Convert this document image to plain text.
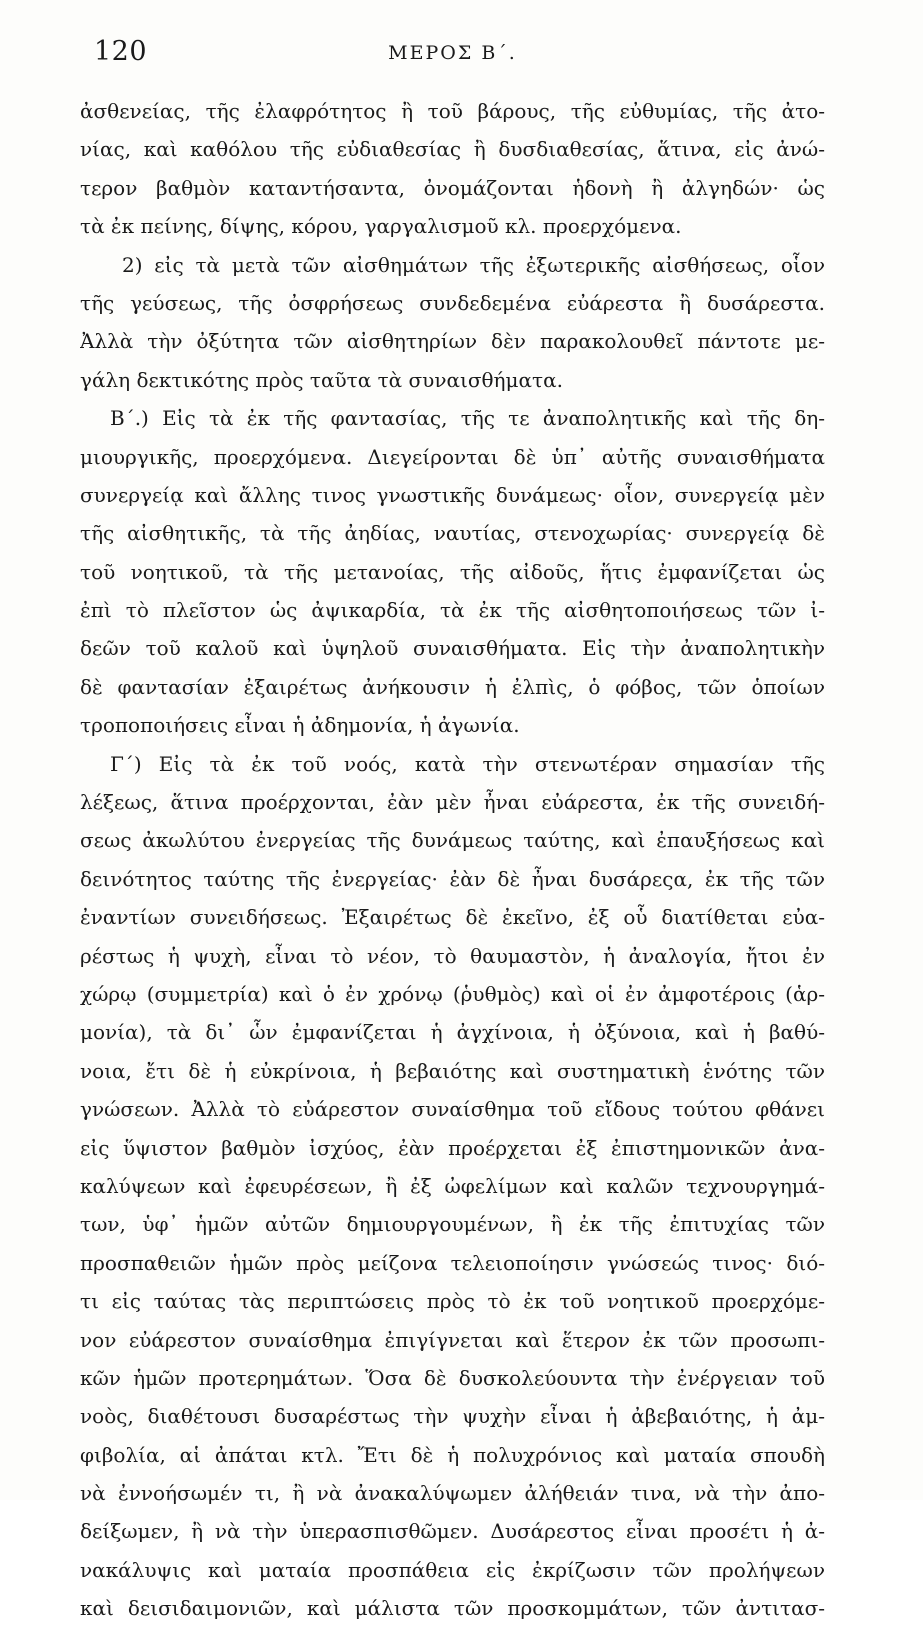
120	ΜΕΡΟΣ Β΄.
ἀσθενείας, τῆς ἐλαφρότητος ἢ τοῦ βάρους, τῆς εὐθυμίας, τῆς ἀτο-
νίας, καὶ καθόλου τῆς εὐδιαθεσίας ἢ δυσδιαθεσίας, ἅτινα, εἰς ἀνώ-
τερον βαθμὸν καταντήσαντα, ὀνομάζονται ἡδονὴ ἢ ἀλγηδών· ὡς
τὰ ἐκ πείνης, δίψης, κόρου, γαργαλισμοῦ κλ. προερχόμενα.
2) εἰς τὰ μετὰ τῶν αἰσθημάτων τῆς ἐξωτερικῆς αἰσθήσεως, οἷον
τῆς γεύσεως, τῆς ὀσφρήσεως συνδεδεμένα εὐάρεστα ἢ δυσάρεστα.
Ἀλλὰ τὴν ὀξύτητα τῶν αἰσθητηρίων δὲν παρακολουθεῖ πάντοτε με-
γάλη δεκτικότης πρὸς ταῦτα τὰ συναισθήματα.
Β΄.) Εἰς τὰ ἐκ τῆς φαντασίας, τῆς τε ἀναπολητικῆς καὶ τῆς δη-
μιουργικῆς, προερχόμενα. Διεγείρονται δὲ ὑπ᾽ αὐτῆς συναισθήματα
συνεργείᾳ καὶ ἄλλης τινος γνωστικῆς δυνάμεως· οἷον, συνεργείᾳ μὲν
τῆς αἰσθητικῆς, τὰ τῆς ἀηδίας, ναυτίας, στενοχωρίας· συνεργείᾳ δὲ
τοῦ νοητικοῦ, τὰ τῆς μετανοίας, τῆς αἰδοῦς, ἥτις ἐμφανίζεται ὡς
ἐπὶ τὸ πλεῖστον ὡς ἀψικαρδία, τὰ ἐκ τῆς αἰσθητοποιήσεως τῶν ἰ-
δεῶν τοῦ καλοῦ καὶ ὑψηλοῦ συναισθήματα. Εἰς τὴν ἀναπολητικὴν
δὲ φαντασίαν ἐξαιρέτως ἀνήκουσιν ἡ ἐλπὶς, ὁ φόβος, τῶν ὁποίων
τροποποιήσεις εἶναι ἡ ἀδημονία, ἡ ἀγωνία.
Γ΄) Εἰς τὰ ἐκ τοῦ νοός, κατὰ τὴν στενωτέραν σημασίαν τῆς
λέξεως, ἅτινα προέρχονται, ἐὰν μὲν ἦναι εὐάρεστα, ἐκ τῆς συνειδή-
σεως ἀκωλύτου ἐνεργείας τῆς δυνάμεως ταύτης, καὶ ἐπαυξήσεως καὶ
δεινότητος ταύτης τῆς ἐνεργείας· ἐὰν δὲ ἦναι δυσάρεςα, ἐκ τῆς τῶν
ἐναντίων συνειδήσεως. Ἐξαιρέτως δὲ ἐκεῖνο, ἐξ οὗ διατίθεται εὐα-
ρέστως ἡ ψυχὴ, εἶναι τὸ νέον, τὸ θαυμαστὸν, ἡ ἀναλογία, ἤτοι ἐν
χώρῳ (συμμετρία) καὶ ὁ ἐν χρόνῳ (ῥυθμὸς) καὶ οἱ ἐν ἀμφοτέροις (ἁρ-
μονία), τὰ δι᾽ ὧν ἐμφανίζεται ἡ ἀγχίνοια, ἡ ὀξύνοια, καὶ ἡ βαθύ-
νοια, ἔτι δὲ ἡ εὐκρίνοια, ἡ βεβαιότης καὶ συστηματικὴ ἑνότης τῶν
γνώσεων. Ἀλλὰ τὸ εὐάρεστον συναίσθημα τοῦ εἴδους τούτου φθάνει
εἰς ὕψιστον βαθμὸν ἰσχύος, ἐὰν προέρχεται ἐξ ἐπιστημονικῶν ἀνα-
καλύψεων καὶ ἐφευρέσεων, ἢ ἐξ ὠφελίμων καὶ καλῶν τεχνουργημά-
των, ὑφ᾽ ἡμῶν αὐτῶν δημιουργουμένων, ἢ ἐκ τῆς ἐπιτυχίας τῶν
προσπαθειῶν ἡμῶν πρὸς μείζονα τελειοποίησιν γνώσεώς τινος· διό-
τι εἰς ταύτας τὰς περιπτώσεις πρὸς τὸ ἐκ τοῦ νοητικοῦ προερχόμε-
νον εὐάρεστον συναίσθημα ἐπιγίγνεται καὶ ἕτερον ἐκ τῶν προσωπι-
κῶν ἡμῶν προτερημάτων. Ὅσα δὲ δυσκολεύουντα τὴν ἐνέργειαν τοῦ
νοὸς, διαθέτουσι δυσαρέστως τὴν ψυχὴν εἶναι ἡ ἀβεβαιότης, ἡ ἀμ-
φιβολία, αἱ ἀπάται κτλ. Ἔτι δὲ ἡ πολυχρόνιος καὶ ματαία σπουδὴ
νὰ ἐννοήσωμέν τι, ἢ νὰ ἀνακαλύψωμεν ἀλήθειάν τινα, νὰ τὴν ἀπο-
δείξωμεν, ἢ νὰ τὴν ὑπερασπισθῶμεν. Δυσάρεστος εἶναι προσέτι ἡ ἀ-
νακάλυψις καὶ ματαία προσπάθεια εἰς ἐκρίζωσιν τῶν προλήψεων
καὶ δεισιδαιμονιῶν, καὶ μάλιστα τῶν προσκομμάτων, τῶν ἀντιτασ-
